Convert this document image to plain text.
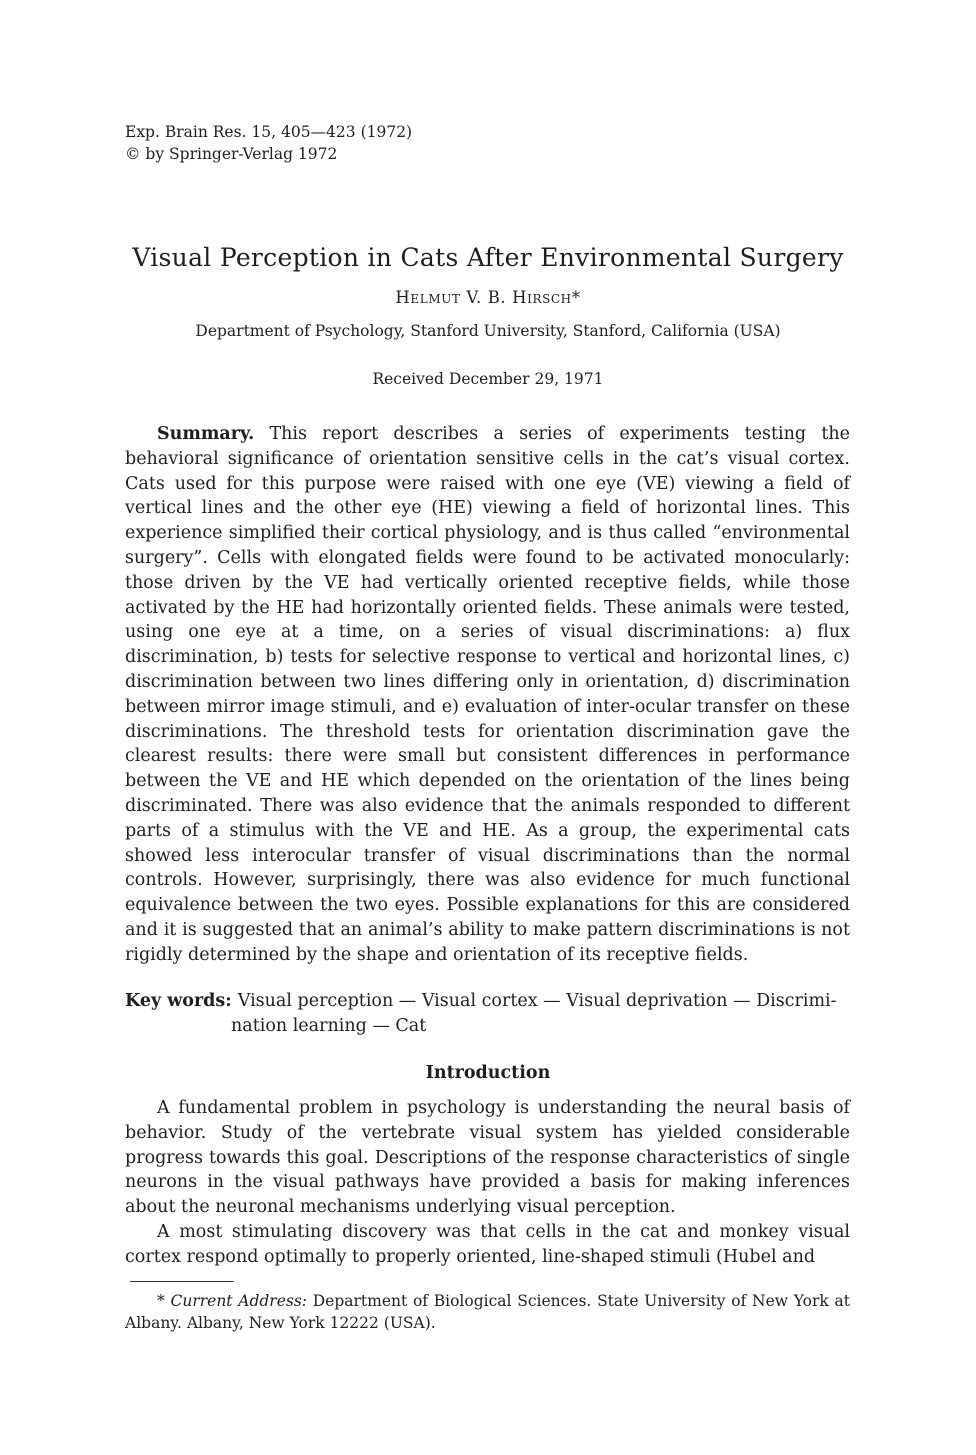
Exp. Brain Res. 15, 405—423 (1972)
© by Springer-Verlag 1972
Visual Perception in Cats After Environmental Surgery
Helmut V. B. Hirsch*
Department of Psychology, Stanford University, Stanford, California (USA)
Received December 29, 1971
Summary. This report describes a series of experiments testing the behavioral significance of orientation sensitive cells in the cat’s visual cortex. Cats used for this purpose were raised with one eye (VE) viewing a field of vertical lines and the other eye (HE) viewing a field of horizontal lines. This experience simplified their cortical physiology, and is thus called “environmental surgery”. Cells with elongated fields were found to be activated monocularly: those driven by the VE had vertically oriented receptive fields, while those activated by the HE had horizontally oriented fields. These animals were tested, using one eye at a time, on a series of visual discriminations: a) flux discrimination, b) tests for selective response to vertical and horizontal lines, c) discrimination between two lines differing only in orientation, d) discrimination between mirror image stimuli, and e) evaluation of inter-ocular transfer on these discriminations. The threshold tests for orientation discrimination gave the clearest results: there were small but consistent differences in performance between the VE and HE which depended on the orientation of the lines being discriminated. There was also evidence that the animals responded to different parts of a stimulus with the VE and HE. As a group, the experimental cats showed less interocular transfer of visual discriminations than the normal controls. However, surprisingly, there was also evidence for much functional equivalence between the two eyes. Possible explanations for this are considered and it is suggested that an animal’s ability to make pattern discriminations is not rigidly determined by the shape and orientation of its receptive fields.
Key words: Visual perception — Visual cortex — Visual deprivation — Discrimi-
nation learning — Cat
Introduction

A fundamental problem in psychology is understanding the neural basis of behavior. Study of the vertebrate visual system has yielded considerable progress towards this goal. Descriptions of the response characteristics of single neurons in the visual pathways have provided a basis for making inferences about the neuronal mechanisms underlying visual perception.

A most stimulating discovery was that cells in the cat and monkey visual cortex respond optimally to properly oriented, line-shaped stimuli (Hubel and

* Current Address: Department of Biological Sciences. State University of New York at Albany. Albany, New York 12222 (USA).
